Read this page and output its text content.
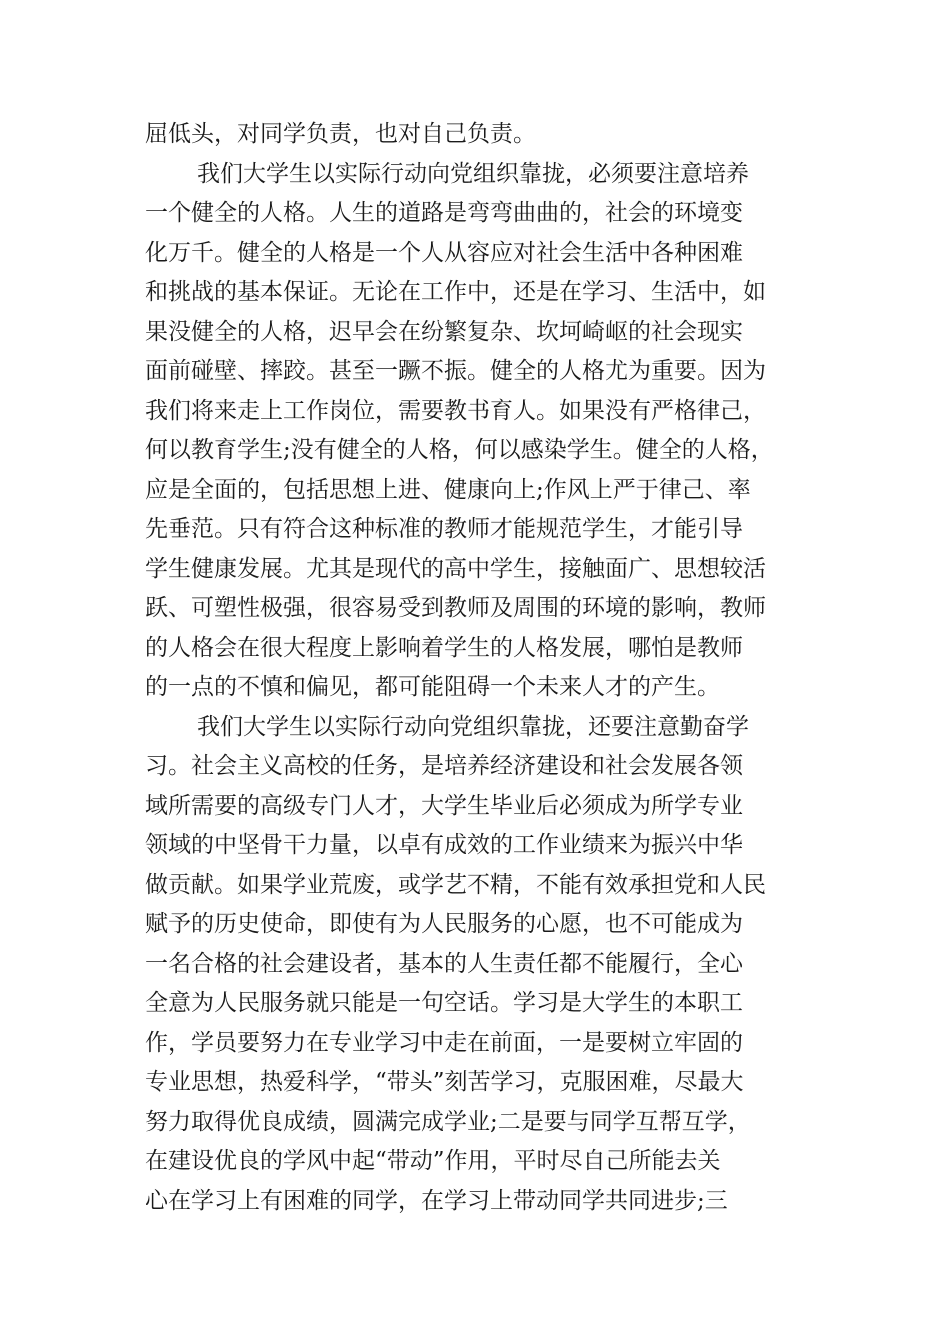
屈低头，对同学负责，也对自己负责。
我们大学生以实际行动向党组织靠拢，必须要注意培养
一个健全的人格。人生的道路是弯弯曲曲的，社会的环境变
化万千。健全的人格是一个人从容应对社会生活中各种困难
和挑战的基本保证。无论在工作中，还是在学习、生活中，如
果没健全的人格，迟早会在纷繁复杂、坎坷崎岖的社会现实
面前碰壁、摔跤。甚至一蹶不振。健全的人格尤为重要。因为
我们将来走上工作岗位，需要教书育人。如果没有严格律己，
何以教育学生;没有健全的人格，何以感染学生。健全的人格，
应是全面的，包括思想上进、健康向上;作风上严于律己、率
先垂范。只有符合这种标准的教师才能规范学生，才能引导
学生健康发展。尤其是现代的高中学生，接触面广、思想较活
跃、可塑性极强，很容易受到教师及周围的环境的影响，教师
的人格会在很大程度上影响着学生的人格发展，哪怕是教师
的一点的不慎和偏见，都可能阻碍一个未来人才的产生。
我们大学生以实际行动向党组织靠拢，还要注意勤奋学
习。社会主义高校的任务，是培养经济建设和社会发展各领
域所需要的高级专门人才，大学生毕业后必须成为所学专业
领域的中坚骨干力量，以卓有成效的工作业绩来为振兴中华
做贡献。如果学业荒废，或学艺不精，不能有效承担党和人民
赋予的历史使命，即使有为人民服务的心愿，也不可能成为
一名合格的社会建设者，基本的人生责任都不能履行，全心
全意为人民服务就只能是一句空话。学习是大学生的本职工
作，学员要努力在专业学习中走在前面，一是要树立牢固的
专业思想，热爱科学，“带头”刻苦学习，克服困难，尽最大
努力取得优良成绩，圆满完成学业;二是要与同学互帮互学，
在建设优良的学风中起“带动”作用，平时尽自己所能去关
心在学习上有困难的同学，在学习上带动同学共同进步;三
